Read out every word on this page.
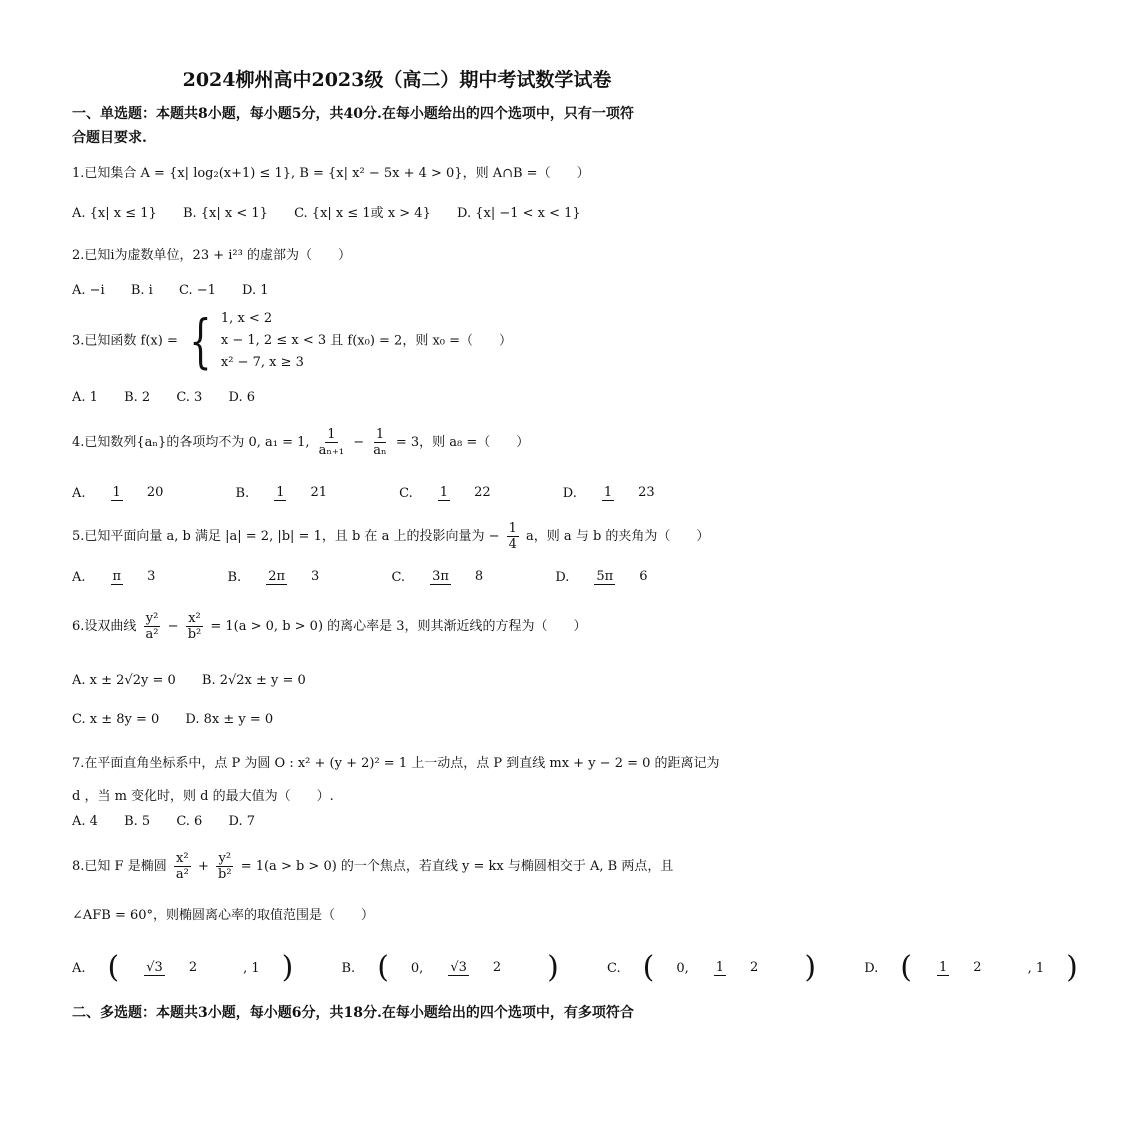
2024柳州高中2023级（高二）期中考试数学试卷
一、单选题：本题共8小题，每小题5分，共40分.在每小题给出的四个选项中，只有一项符
合题目要求.
1.已知集合 A = {x| log₂(x+1) ≤ 1}, B = {x| x² − 5x + 4 > 0}，则 A∩B =（　　）
A. {x| x ≤ 1} B. {x| x < 1} C. {x| x ≤ 1或 x > 4} D. {x| −1 < x < 1}
2.已知i为虚数单位，23 + i²³ 的虚部为（　　）
A. −i B. i C. −1 D. 1
3.已知函数 f(x) = { 1, x < 2
x − 1, 2 ≤ x < 3
x² − 7, x ≥ 3
且 f(x₀) = 2，则 x₀ =（　　）
A. 1 B. 2 C. 3 D. 6
4.已知数列{aₙ}的各项均不为 0, a₁ = 1, $\frac{1}{\text{aₙ₊₁}} - \frac{1}{\text{aₙ}} = 3$，则 a₈ =（　　）
A. 1 20	B. 1 21	C. 1 22	D. 1 23
5.已知平面向量 a, b 满足 |a| = 2, |b| = 1，且 b 在 a 上的投影向量为 − $\frac{1}{4}$ a，则 a 与 b 的夹角为（　　）
A. π 3	B. 2π 3	C. 3π 8	D. 5π 6
6.设双曲线 $\frac{\text{y²}}{\text{a²}} - \frac{\text{x²}}{\text{b²}} = 1(a > 0$, b > 0) 的离心率是 3，则其渐近线的方程为（　　）
A. x ± 2√2y = 0 B. 2√2x ± y = 0
C. x ± 8y = 0 D. 8x ± y = 0
7.在平面直角坐标系中，点 P 为圆 O : x² + (y + 2)² = 1 上一动点，点 P 到直线 mx + y − 2 = 0 的距离记为
d ，当 m 变化时，则 d 的最大值为（　　）.
A. 4 B. 5 C. 6 D. 7
8.已知 F 是椭圆 $\frac{\text{x²}}{\text{a²}} + \frac{\text{y²}}{\text{b²}} = 1(a > b > 0)$ 的一个焦点，若直线 y = kx 与椭圆相交于 A, B 两点，且
∠AFB = 60°，则椭圆离心率的取值范围是（　　）
A. ( √3 2	, 1 )	B. ( 0,√3 2 )	C. ( 0,1 2 )	D. ( 1 2	, 1 )
二、多选题：本题共3小题，每小题6分，共18分.在每小题给出的四个选项中，有多项符合
